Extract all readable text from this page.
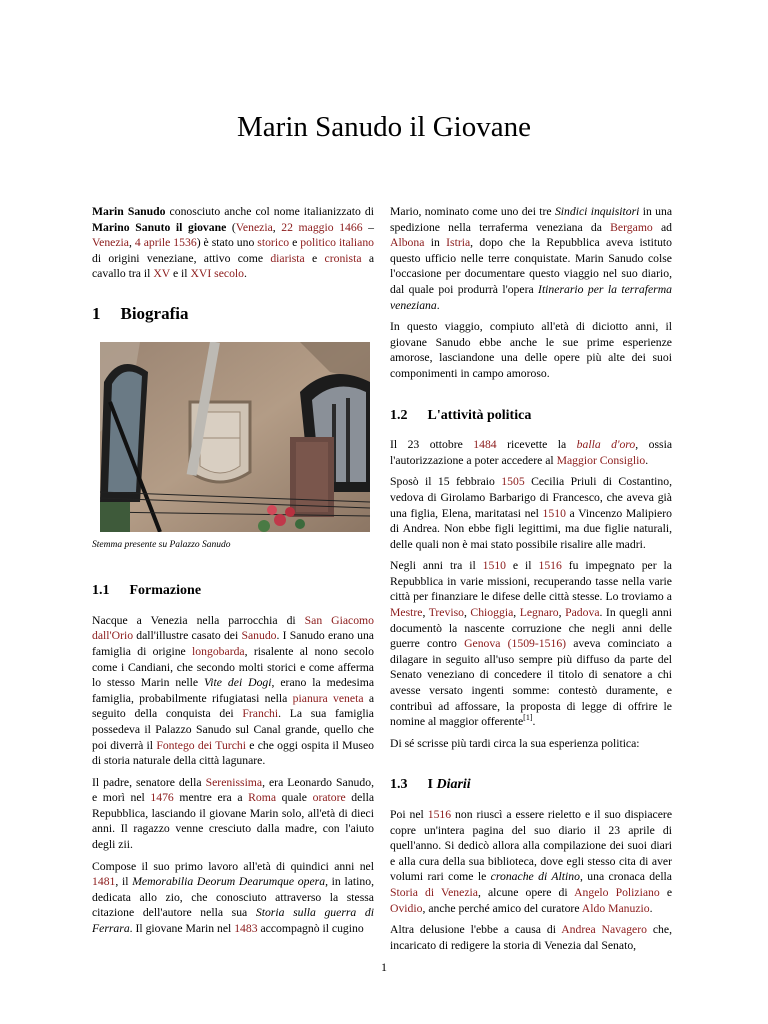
Marin Sanudo il Giovane

Marin Sanudo conosciuto anche col nome italianizzato di Marino Sanuto il giovane (Venezia, 22 maggio 1466 – Venezia, 4 aprile 1536) è stato uno storico e politico italiano di origini veneziane, attivo come diarista e cronista a cavallo tra il XV e il XVI secolo.

1 Biografia
Stemma presente su Palazzo Sanudo
1.1 Formazione

Nacque a Venezia nella parrocchia di San Giacomo dall'Orio dall'illustre casato dei Sanudo. I Sanudo erano una famiglia di origine longobarda, risalente al nono secolo come i Candiani, che secondo molti storici e come afferma lo stesso Marin nelle Vite dei Dogi, erano la medesima famiglia, probabilmente rifugiatasi nella pianura veneta a seguito della conquista dei Franchi. La sua famiglia possedeva il Palazzo Sanudo sul Canal grande, quello che poi diverrà il Fontego dei Turchi e che oggi ospita il Museo di storia naturale della città lagunare.

Il padre, senatore della Serenissima, era Leonardo Sanudo, e morì nel 1476 mentre era a Roma quale oratore della Repubblica, lasciando il giovane Marin solo, all'età di dieci anni. Il ragazzo venne cresciuto dalla madre, con l'aiuto degli zii.

Compose il suo primo lavoro all'età di quindici anni nel 1481, il Memorabilia Deorum Dearumque opera, in latino, dedicata allo zio, che conosciuto attraverso la stessa citazione dell'autore nella sua Storia sulla guerra di Ferrara. Il giovane Marin nel 1483 accompagnò il cugino

Mario, nominato come uno dei tre Sindici inquisitori in una spedizione nella terraferma veneziana da Bergamo ad Albona in Istria, dopo che la Repubblica aveva istituto questo ufficio nelle terre conquistate. Marin Sanudo colse l'occasione per documentare questo viaggio nel suo diario, dal quale poi produrrà l'opera Itinerario per la terraferma veneziana.

In questo viaggio, compiuto all'età di diciotto anni, il giovane Sanudo ebbe anche le sue prime esperienze amorose, lasciandone una delle opere più alte dei suoi componimenti in campo amoroso.

1.2 L'attività politica

Il 23 ottobre 1484 ricevette la balla d'oro, ossia l'autorizzazione a poter accedere al Maggior Consiglio.

Sposò il 15 febbraio 1505 Cecilia Priuli di Costantino, vedova di Girolamo Barbarigo di Francesco, che aveva già una figlia, Elena, maritatasi nel 1510 a Vincenzo Malipiero di Andrea. Non ebbe figli legittimi, ma due figlie naturali, delle quali non è mai stato possibile risalire alle madri.

Negli anni tra il 1510 e il 1516 fu impegnato per la Repubblica in varie missioni, recuperando tasse nella varie città per finanziare le difese delle città stesse. Lo troviamo a Mestre, Treviso, Chioggia, Legnaro, Padova. In quegli anni documentò la nascente corruzione che negli anni delle guerre contro Genova (1509-1516) aveva cominciato a dilagare in seguito all'uso sempre più diffuso da parte del Senato veneziano di concedere il titolo di senatore a chi avesse versato ingenti somme: contestò duramente, e contribuì ad affossare, la proposta di legge di offrire le nomine al maggior offerente[1].

Di sé scrisse più tardi circa la sua esperienza politica:

1.3 I Diarii

Poi nel 1516 non riuscì a essere rieletto e il suo dispiacere copre un'intera pagina del suo diario il 23 aprile di quell'anno. Si dedicò allora alla compilazione dei suoi diari e alla cura della sua biblioteca, dove egli stesso cita di aver volumi rari come le cronache di Altino, una cronaca della Storia di Venezia, alcune opere di Angelo Poliziano e Ovidio, anche perché amico del curatore Aldo Manuzio.

Altra delusione l'ebbe a causa di Andrea Navagero che, incaricato di redigere la storia di Venezia dal Senato,

1
